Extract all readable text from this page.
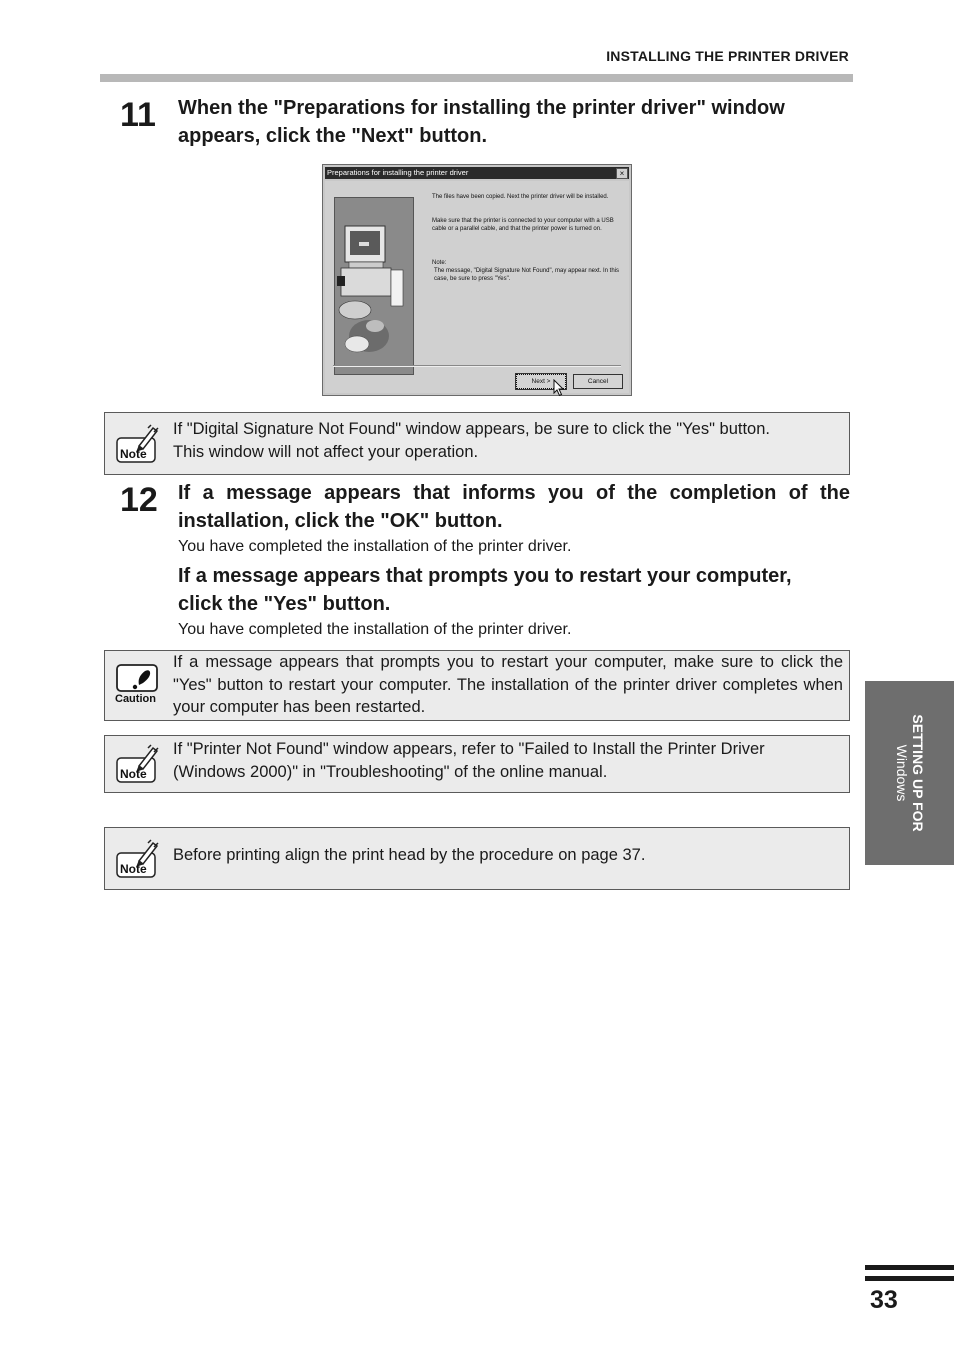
INSTALLING THE PRINTER DRIVER
11 When the "Preparations for installing the printer driver" window
appears, click the "Next" button.
Preparations for installing the printer driver	×
The files have been copied. Next the printer driver will be installed.
Make sure that the printer is connected to your computer with a USB cable or a parallel cable, and that the printer power is turned on.
Note:
The message, "Digital Signature Not Found", may appear next. In this case, be sure to press "Yes".
Next >	Cancel
Note
If "Digital Signature Not Found" window appears, be sure to click the "Yes" button.
This window will not affect your operation.
12 If a message appears that informs you of the completion of the
installation, click the "OK" button.
You have completed the installation of the printer driver.
If a message appears that prompts you to restart your computer,
click the "Yes" button.
You have completed the installation of the printer driver.
Caution
If a message appears that prompts you to restart your computer, make sure to click the "Yes" button to restart your computer. The installation of the printer driver completes when your computer has been restarted.
Note
If "Printer Not Found" window appears, refer to "Failed to Install the Printer Driver
(Windows 2000)" in "Troubleshooting" of the online manual.
Note
Before printing align the print head by the procedure on page 37.
SETTING UP FOR
Windows
33
